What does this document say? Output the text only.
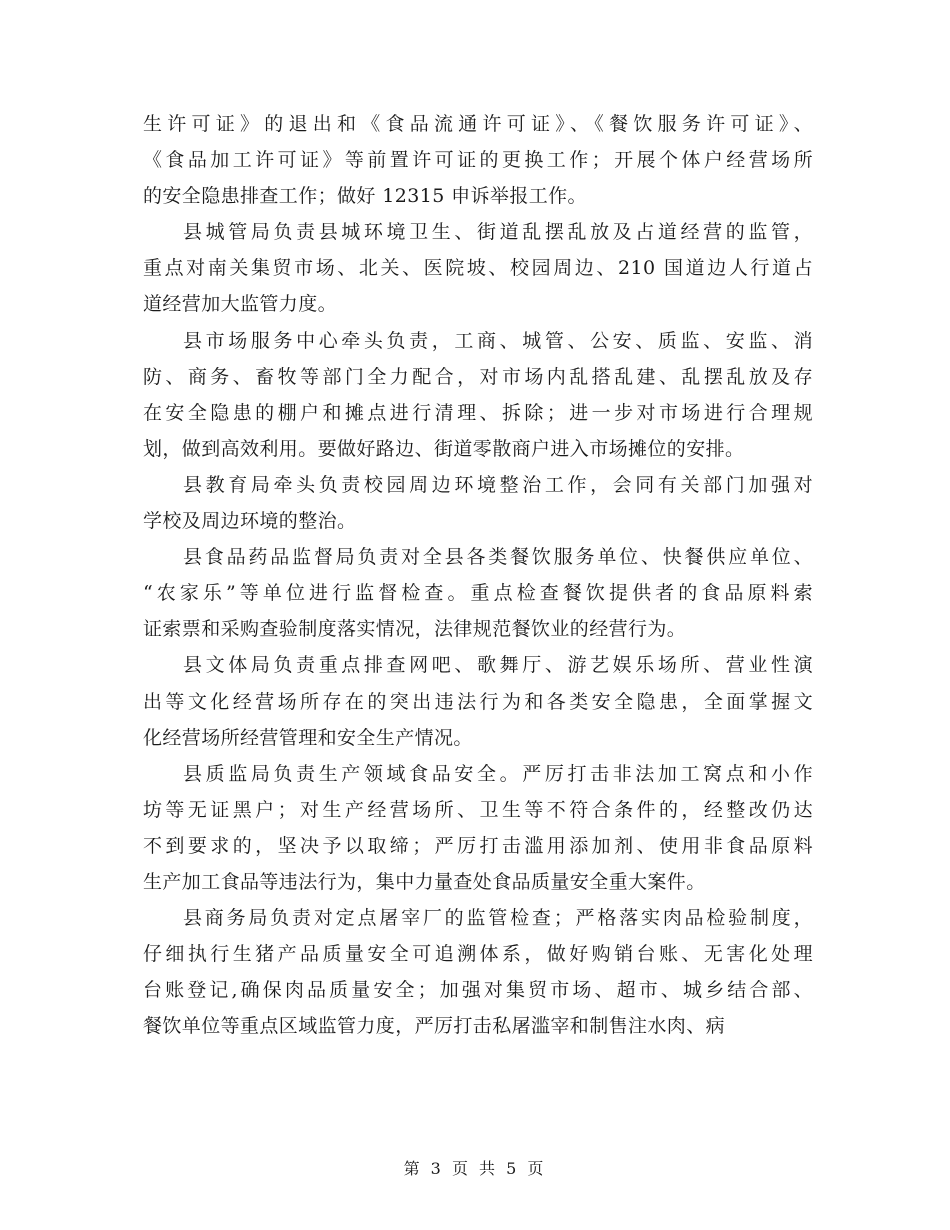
生许可证》的退出和《食品流通许可证》、《餐饮服务许可证》、
《食品加工许可证》等前置许可证的更换工作；开展个体户经营场所
的安全隐患排查工作；做好 12315 申诉举报工作。
县城管局负责县城环境卫生、街道乱摆乱放及占道经营的监管，
重点对南关集贸市场、北关、医院坡、校园周边、210 国道边人行道占
道经营加大监管力度。
县市场服务中心牵头负责，工商、城管、公安、质监、安监、消
防、商务、畜牧等部门全力配合，对市场内乱搭乱建、乱摆乱放及存
在安全隐患的棚户和摊点进行清理、拆除；进一步对市场进行合理规
划，做到高效利用。要做好路边、街道零散商户进入市场摊位的安排。
县教育局牵头负责校园周边环境整治工作，会同有关部门加强对
学校及周边环境的整治。
县食品药品监督局负责对全县各类餐饮服务单位、快餐供应单位、
“农家乐”等单位进行监督检查。重点检查餐饮提供者的食品原料索
证索票和采购查验制度落实情况，法律规范餐饮业的经营行为。
县文体局负责重点排查网吧、歌舞厅、游艺娱乐场所、营业性演
出等文化经营场所存在的突出违法行为和各类安全隐患，全面掌握文
化经营场所经营管理和安全生产情况。
县质监局负责生产领域食品安全。严厉打击非法加工窝点和小作
坊等无证黑户；对生产经营场所、卫生等不符合条件的，经整改仍达
不到要求的，坚决予以取缔；严厉打击滥用添加剂、使用非食品原料
生产加工食品等违法行为，集中力量查处食品质量安全重大案件。
县商务局负责对定点屠宰厂的监管检查；严格落实肉品检验制度，
仔细执行生猪产品质量安全可追溯体系，做好购销台账、无害化处理
台账登记,确保肉品质量安全；加强对集贸市场、超市、城乡结合部、
餐饮单位等重点区域监管力度，严厉打击私屠滥宰和制售注水肉、病
第 3 页 共 5 页
